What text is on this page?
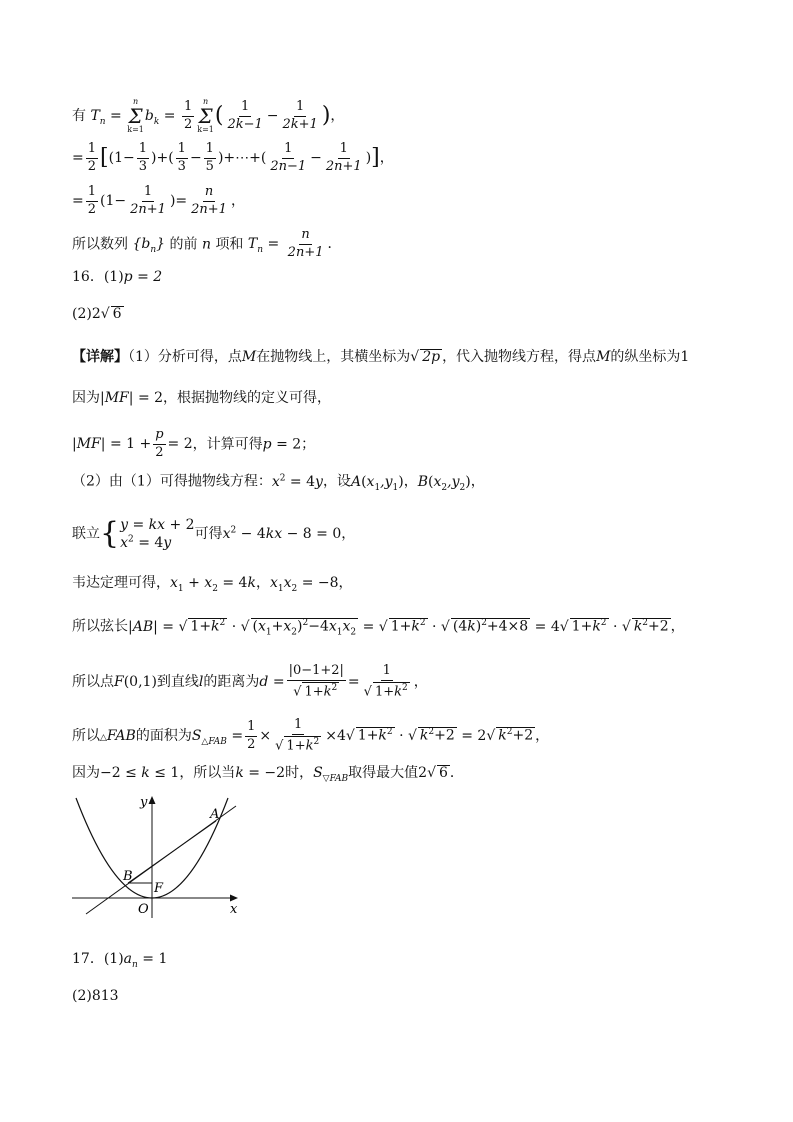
有 $T_n$ =
n
Σ
k=1
$b_k = \frac{1}{2}$ n
Σ
k=1
( $\frac{1}{2k-1} - \frac{1}{2k+1}$ )，
= $\frac{1}{2} [(1- \frac{1}{3}$ )+( $\frac{1}{3} - \frac{1}{5}$ )+⋯+( $\frac{1}{2n-1} - \frac{1}{2n+1}$ )]，
= $\frac{1}{2} (1- \frac{1}{2n+1}$ )= $\frac{n}{2n+1}$ ，
所以数列 $\{b_n\}$ 的前 n 项和 $T_n = \frac{n}{2n+1}$ ．
16．(1)p = 2
(2)2√ 6
【详解】（1）分析可得，点M在抛物线上，其横坐标为√ 2p ，代入抛物线方程，得点M的纵坐标为1
因为|MF| = 2，根据抛物线的定义可得，
$|MF| = 1 + \frac{p}{2} = 2$，计算可得p = 2；
（2）由（1）可得抛物线方程：$x^2 = 4y$，设$A(x_1,y_1)$，$B(x_2,y_2)$，
联立 { y = kx + 2
$x^2 = 4y$
可得$x^2 - 4kx - 8 = 0$，
韦达定理可得，$x_1 + x_2 = 4k$，$x_1x_2 = -8$，
所以弦长|AB| = √ $1+k^2$ · √ $(x_1+x_2)^2-4x_1x_2$ = √ $1+k^2$ · √ $(4k)^2+4\times 8 = 4√$ $1+k^2$ · √ $k^2+2$ ，
所以点F(0,1)到直线l的距离为$d = \frac{|0-1+2|}{√ 1+k^2} = \frac{1}{√ 1+k^2}$ ，
所以△FAB的面积为$S_{\triangle FAB} = \frac{1}{2} \times \frac{1}{√ 1+k^2} \times 4√$ $1+k^2$ · √ $k^2+2 = 2√$ $k^2+2$ ，
因为−2 ≤ k ≤ 1，所以当k = −2时，$S_{▽FAB}$取得最大值2√ 6 ．
y
x
O
A
B
F
17．$(1)a_n = 1$
(2)813
